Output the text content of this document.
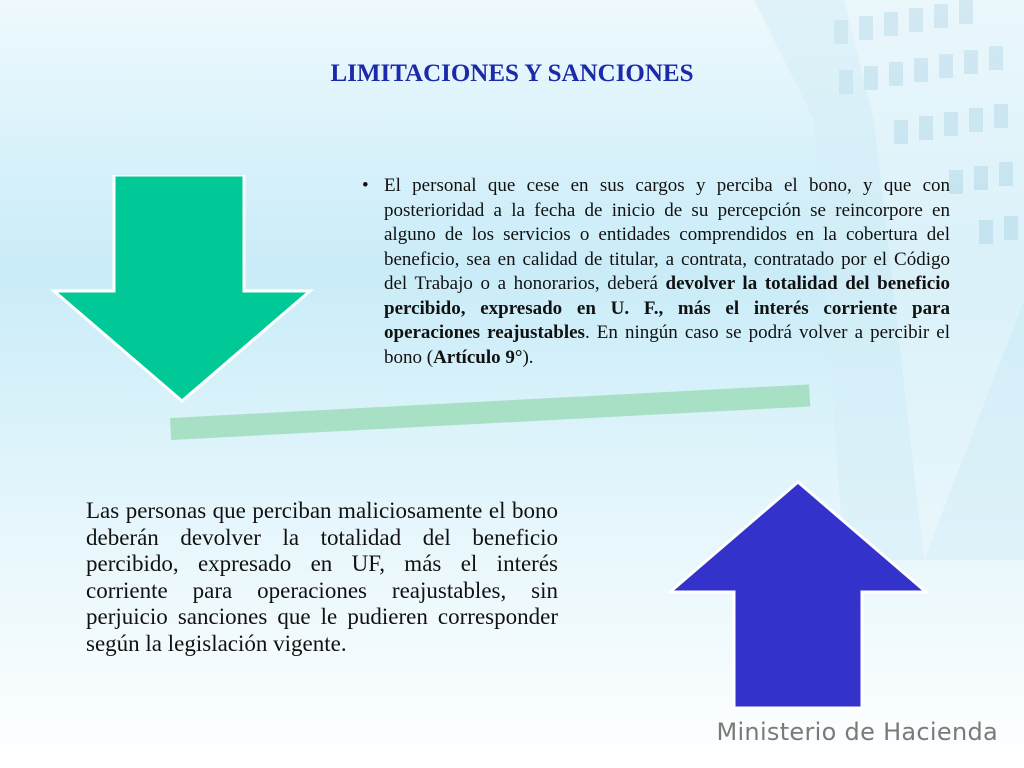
LIMITACIONES Y SANCIONES
• El personal que cese en sus cargos y perciba el bono, y que con posterioridad a la fecha de inicio de su percepción se reincorpore en alguno de los servicios o entidades comprendidos en la cobertura del beneficio, sea en calidad de titular, a contrata, contratado por el Código del Trabajo o a honorarios, deberá devolver la totalidad del beneficio percibido, expresado en U. F., más el interés corriente para operaciones reajustables. En ningún caso se podrá volver a percibir el bono (Artículo 9°).
Las personas que perciban maliciosamente el bono deberán devolver la totalidad del beneficio percibido, expresado en UF, más el interés corriente para operaciones reajustables, sin perjuicio sanciones que le pudieren corresponder según la legislación vigente.
Ministerio de Hacienda
